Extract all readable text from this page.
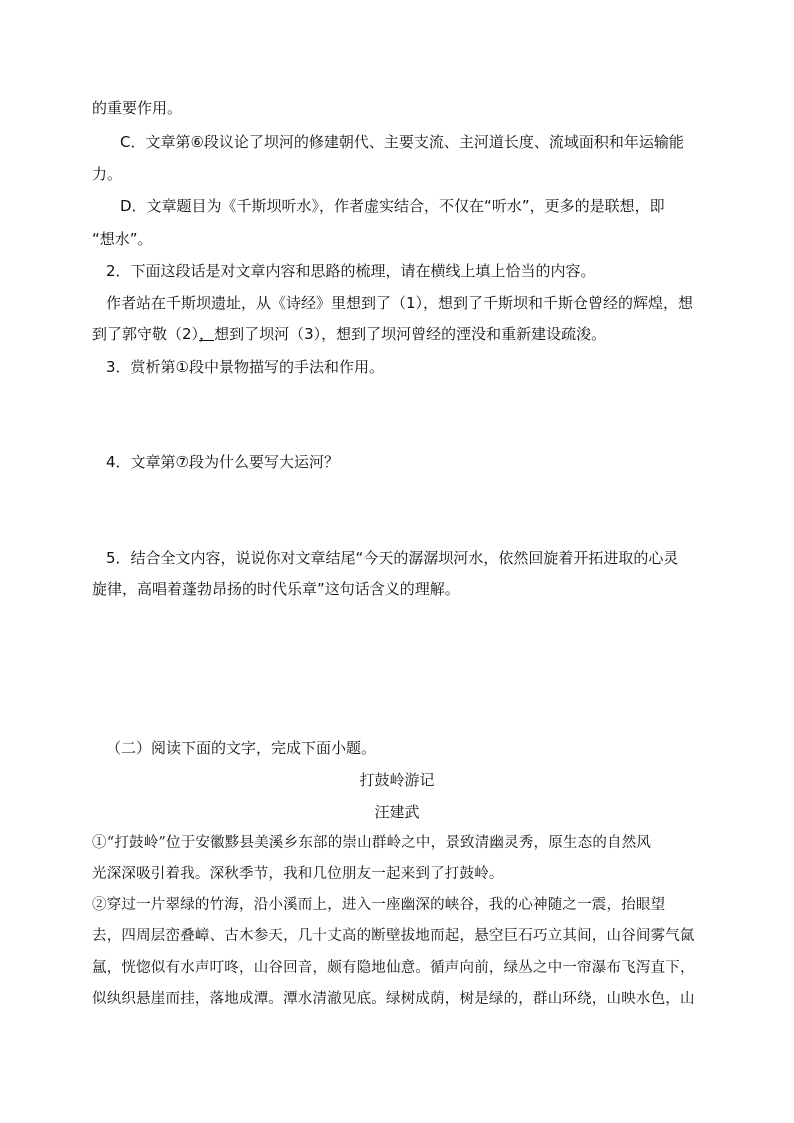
的重要作用。
C．文章第⑥段议论了坝河的修建朝代、主要支流、主河道长度、流域面积和年运输能
力。
D．文章题目为《千斯坝听水》，作者虚实结合，不仅在“听水”，更多的是联想，即
“想水”。
2．下面这段话是对文章内容和思路的梳理，请在横线上填上恰当的内容。
作者站在千斯坝遗址，从《诗经》里想到了（1），想到了千斯坝和千斯仓曾经的辉煌，想
到了郭守敬（2），想到了坝河（3），想到了坝河曾经的湮没和重新建设疏浚。
3．赏析第①段中景物描写的手法和作用。
4．文章第⑦段为什么要写大运河？
5．结合全文内容，说说你对文章结尾“今天的潺潺坝河水，依然回旋着开拓进取的心灵
旋律，高唱着蓬勃昂扬的时代乐章”这句话含义的理解。
（二）阅读下面的文字，完成下面小题。
打鼓岭游记
汪建武
①“打鼓岭”位于安徽黟县美溪乡东部的崇山群岭之中，景致清幽灵秀，原生态的自然风
光深深吸引着我。深秋季节，我和几位朋友一起来到了打鼓岭。
②穿过一片翠绿的竹海，沿小溪而上，进入一座幽深的峡谷，我的心神随之一震，抬眼望
去，四周层峦叠嶂、古木参天，几十丈高的断壁拔地而起，悬空巨石巧立其间，山谷间雾气氤
氲，恍惚似有水声叮咚，山谷回音，颇有隐地仙意。循声向前，绿丛之中一帘瀑布飞泻直下，
似纨织悬崖而挂，落地成潭。潭水清澈见底。绿树成荫，树是绿的，群山环绕，山映水色，山
